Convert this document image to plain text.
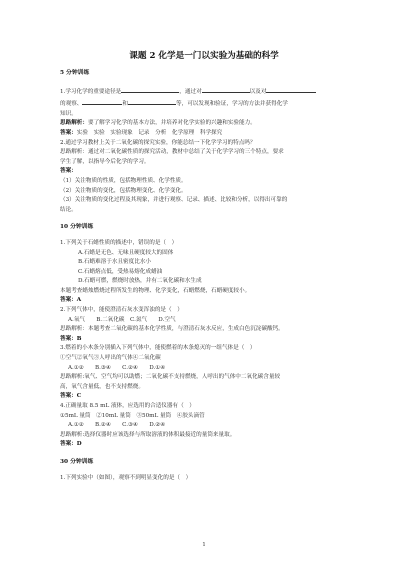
课题 2 化学是一门以实验为基础的科学
5 分钟训练

1.学习化学的重要途径是	，通过对	以及对

的观察、	和	等，可以发现和验证，学习的方法并获得化学

知识。

思路解析：要了解学习化学的基本方法，并培养对化学实验的兴趣和实验能力。

答案：实验　实验　实验现象　记录　分析　化学原理　科学探究

2.通过学习教材上关于二氧化碳的探究实验，你能总结一下化学学习的特点吗？

思路解析：通过对二氧化碳性质的探究活动，教材中总结了关于化学学习的三个特点，要求

学生了解，以指导今后化学的学习。

答案：

（1）关注物质的性质，包括物理性质、化学性质。

（2）关注物质的变化，包括物理变化、化学变化。

（3）关注物质的变化过程及其现象，并进行观察、记录、描述、比较和分析，以得出可靠的

结论。

10 分钟训练

1.下列关于石蜡性质的描述中，错误的是（　）

A.石蜡是无色、无味且硬度较大的固体

B.石蜡难溶于水且密度比水小

C.石蜡熔点低，受热易熔化成蜡油

D.石蜡可燃，燃烧时放热，并有二氧化碳和水生成

本题考查蜡烛燃烧过程所发生的物理、化学变化，石蜡燃烧，石蜡硬度较小。

答案：A

2.下列气体中，能使澄清石灰水变浑浊的是（　）

A.氧气　　B.二氧化碳　C.氮气　　D.空气

思路解析：本题考查二氧化碳的基本化学性质，与澄清石灰水反应，生成白色沉淀碳酸钙。

答案：B

3.燃着的小木条分别插入下列气体中，能使燃着的木条熄灭的一组气体是（　）

①空气②氧气③人呼出的气体④二氧化碳

A.①②　　B.③④　　C.②④　　D.①④

思路解析:氧气、空气均可以助燃；二氧化碳不支持燃烧，人呼出的气体中二氧化碳含量较

高，氧气含量低，也不支持燃烧。

答案：C

4.正确量取 8.5 mL 液体，应选用的合适仪器有（　）

①5mL 量筒　②10mL 量筒　③50mL 量筒　④胶头滴管

A.①②　　B.②④　　C.③④　　D.②④

思路解析:选择仪器时应该选择与所取溶液的体积最接近的量筒来量取。

答案：D

30 分钟训练

1.下列实验中（如图），观察不到明显变化的是（　）

1
